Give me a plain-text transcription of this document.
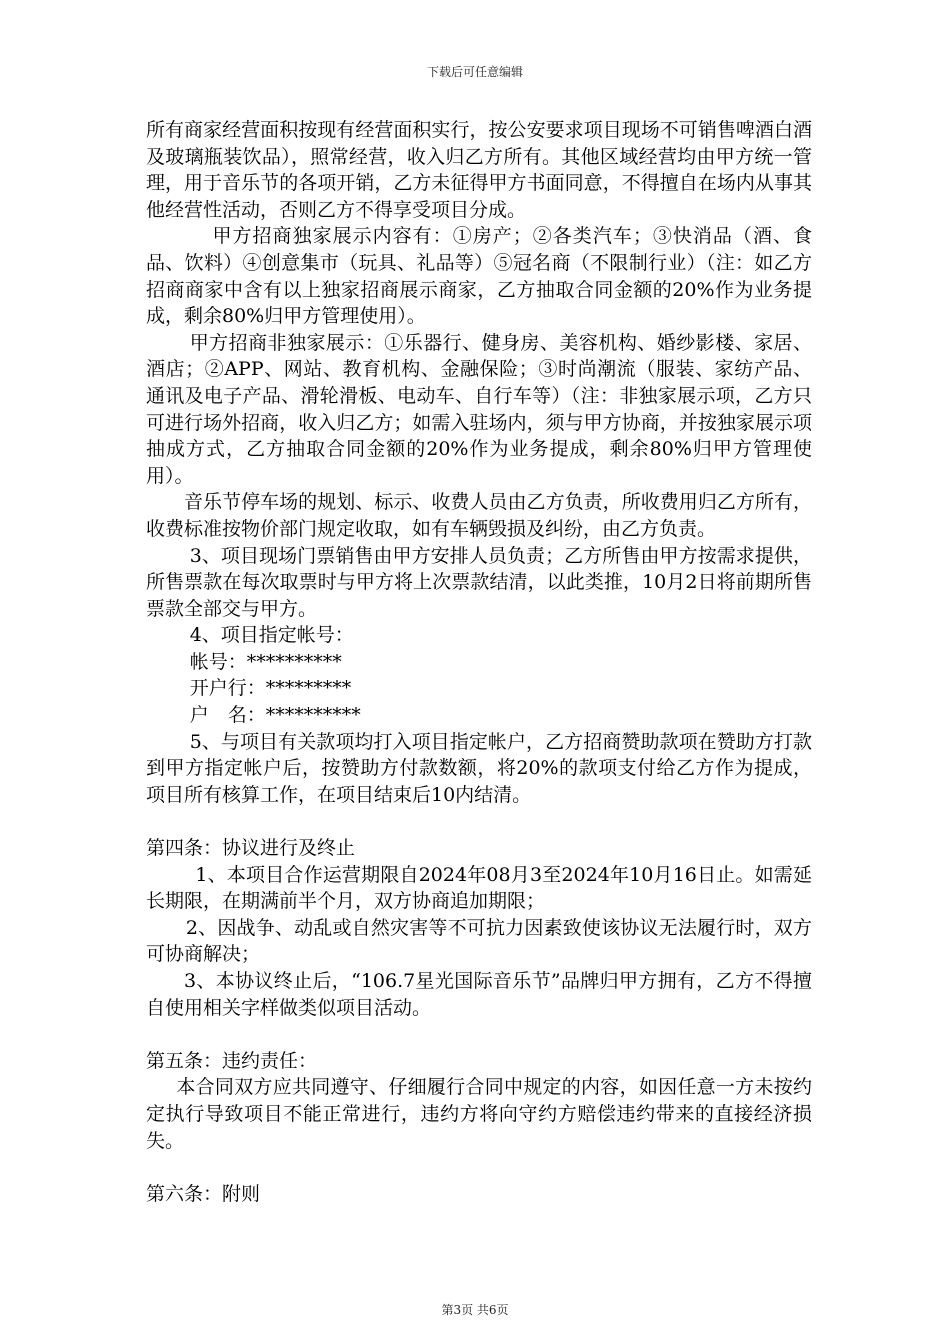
下载后可任意编辑

所有商家经营面积按现有经营面积实行，按公安要求项目现场不可销售啤酒白酒及玻璃瓶装饮品），照常经营，收入归乙方所有。其他区域经营均由甲方统一管理，用于音乐节的各项开销，乙方未征得甲方书面同意，不得擅自在场内从事其他经营性活动，否则乙方不得享受项目分成。

甲方招商独家展示内容有：①房产；②各类汽车；③快消品（酒、食品、饮料）④创意集市（玩具、礼品等）⑤冠名商（不限制行业）（注：如乙方招商商家中含有以上独家招商展示商家，乙方抽取合同金额的20%作为业务提成，剩余80%归甲方管理使用）。

甲方招商非独家展示：①乐器行、健身房、美容机构、婚纱影楼、家居、酒店；②APP、网站、教育机构、金融保险；③时尚潮流（服装、家纺产品、通讯及电子产品、滑轮滑板、电动车、自行车等）（注：非独家展示项，乙方只可进行场外招商，收入归乙方；如需入驻场内，须与甲方协商，并按独家展示项抽成方式，乙方抽取合同金额的20%作为业务提成，剩余80%归甲方管理使用）。

音乐节停车场的规划、标示、收费人员由乙方负责，所收费用归乙方所有，收费标准按物价部门规定收取，如有车辆毁损及纠纷，由乙方负责。

3、项目现场门票销售由甲方安排人员负责；乙方所售由甲方按需求提供，所售票款在每次取票时与甲方将上次票款结清，以此类推，10月2日将前期所售票款全部交与甲方。

4、项目指定帐号：

帐号：**********

开户行：*********

户　名：**********

5、与项目有关款项均打入项目指定帐户，乙方招商赞助款项在赞助方打款到甲方指定帐户后，按赞助方付款数额，将20%的款项支付给乙方作为提成，项目所有核算工作，在项目结束后10内结清。

第四条：协议进行及终止

1、本项目合作运营期限自2024年08月3至2024年10月16日止。如需延长期限，在期满前半个月，双方协商追加期限；

2、因战争、动乱或自然灾害等不可抗力因素致使该协议无法履行时，双方可协商解决；

3、本协议终止后，“106.7星光国际音乐节”品牌归甲方拥有，乙方不得擅自使用相关字样做类似项目活动。

第五条：违约责任：

本合同双方应共同遵守、仔细履行合同中规定的内容，如因任意一方未按约定执行导致项目不能正常进行，违约方将向守约方赔偿违约带来的直接经济损失。

第六条：附则

第3页 共6页
